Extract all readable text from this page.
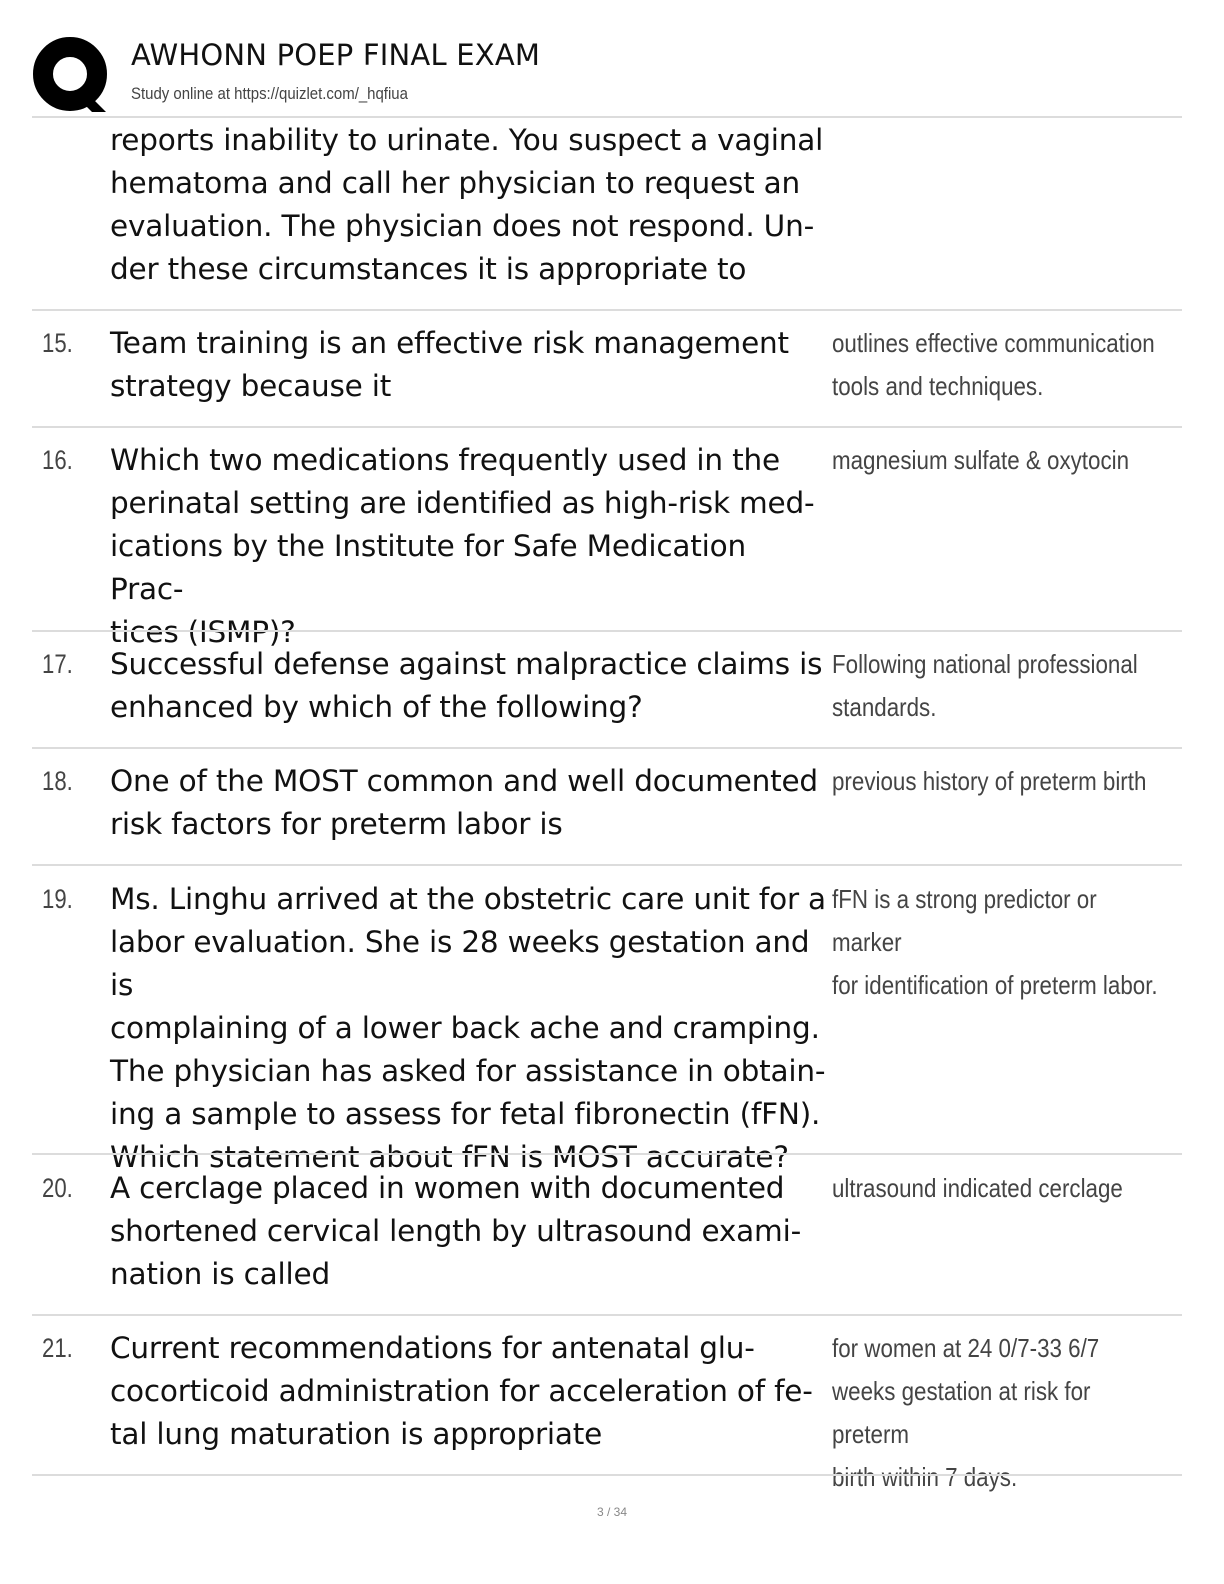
AWHONN POEP FINAL EXAM
Study online at https://quizlet.com/_hqfiua
reports inability to urinate. You suspect a vaginal
hematoma and call her physician to request an
evaluation. The physician does not respond. Un-
der these circumstances it is appropriate to
15. Team training is an effective risk management
strategy because it
outlines effective communication
tools and techniques.
16. Which two medications frequently used in the
perinatal setting are identified as high-risk med-
ications by the Institute for Safe Medication Prac-
tices (ISMP)?
magnesium sulfate & oxytocin
17. Successful defense against malpractice claims is
enhanced by which of the following?
Following national professional
standards.
18. One of the MOST common and well documented
risk factors for preterm labor is
previous history of preterm birth
19. Ms. Linghu arrived at the obstetric care unit for a
labor evaluation. She is 28 weeks gestation and is
complaining of a lower back ache and cramping.
The physician has asked for assistance in obtain-
ing a sample to assess for fetal fibronectin (fFN).
Which statement about fFN is MOST accurate?
fFN is a strong predictor or marker
for identification of preterm labor.
20. A cerclage placed in women with documented
shortened cervical length by ultrasound exami-
nation is called
ultrasound indicated cerclage
21. Current recommendations for antenatal glu-
cocorticoid administration for acceleration of fe-
tal lung maturation is appropriate
for women at 24 0/7-33 6/7
weeks gestation at risk for preterm
birth within 7 days.
3 / 34
